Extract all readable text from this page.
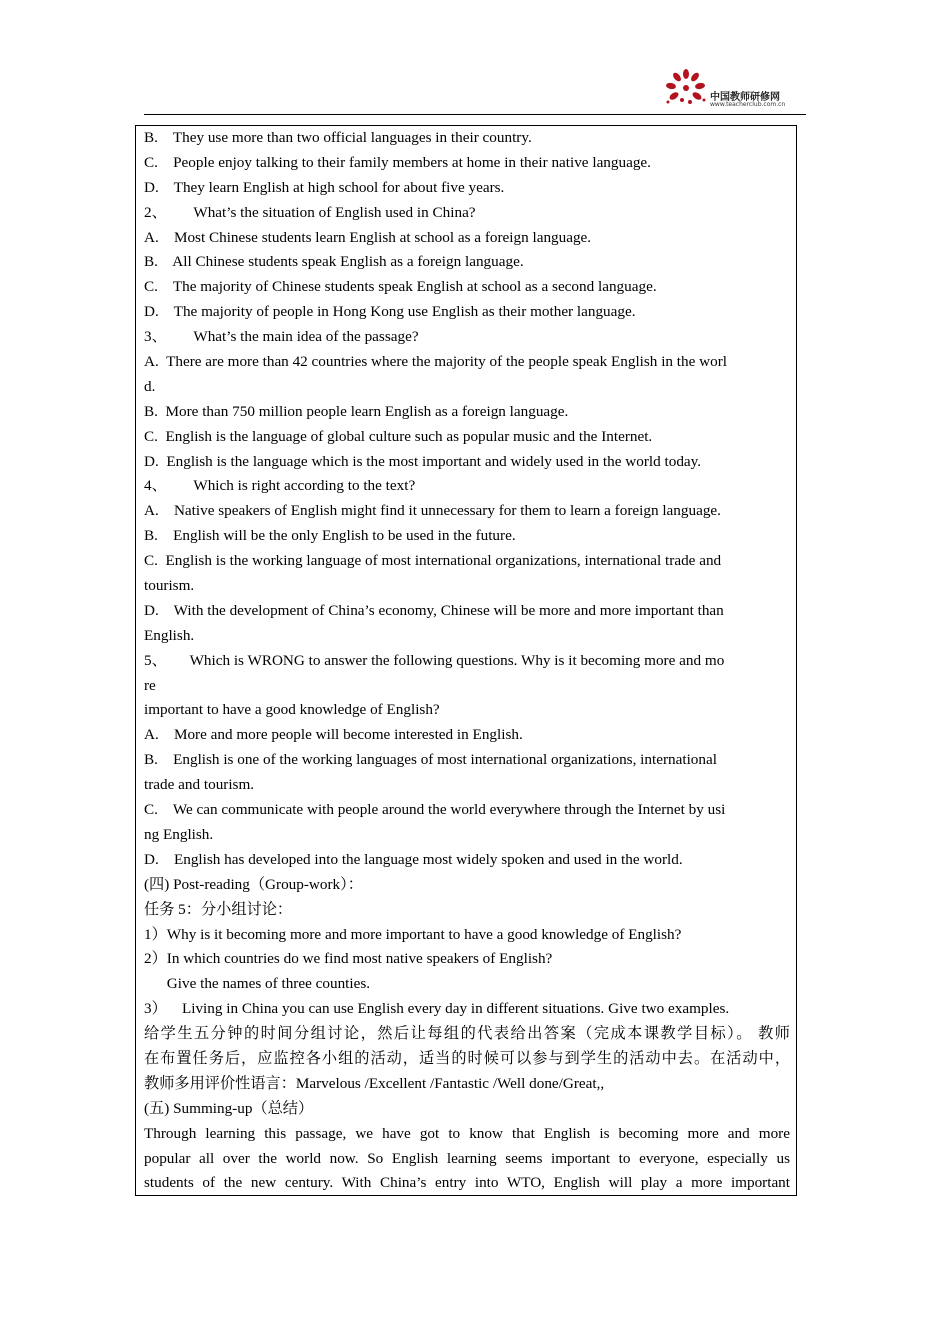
中国教师研修网
www.teacherclub.com.cn
B.    They use more than two official languages in their country.
C.    People enjoy talking to their family members at home in their native language.
D.    They learn English at high school for about five years.
2、       What’s the situation of English used in China?
A.    Most Chinese students learn English at school as a foreign language.
B.    All Chinese students speak English as a foreign language.
C.    The majority of Chinese students speak English at school as a second language.
D.    The majority of people in Hong Kong use English as their mother language.
3、       What’s the main idea of the passage?
A.  There are more than 42 countries where the majority of the people speak English in the worl
d.
B.  More than 750 million people learn English as a foreign language.
C.  English is the language of global culture such as popular music and the Internet.
D.  English is the language which is the most important and widely used in the world today.
4、       Which is right according to the text?
A.    Native speakers of English might find it unnecessary for them to learn a foreign language.
B.    English will be the only English to be used in the future.
C.  English is the working language of most international organizations, international trade and
tourism.
D.    With the development of China’s economy, Chinese will be more and more important than
English.
5、      Which is WRONG to answer the following questions. Why is it becoming more and mo
re
important to have a good knowledge of English?
A.    More and more people will become interested in English.
B.    English is one of the working languages of most international organizations, international
trade and tourism.
C.    We can communicate with people around the world everywhere through the Internet by usi
ng English.
D.    English has developed into the language most widely spoken and used in the world.
(四) Post-reading（Group-work）：
任务 5：分小组讨论：
1）Why is it becoming more and more important to have a good knowledge of English?
2）In which countries do we find most native speakers of English?
Give the names of three counties.
3）    Living in China you can use English every day in different situations. Give two examples.
给学生五分钟的时间分组讨论，然后让每组的代表给出答案（完成本课教学目标）。 教师
在布置任务后，应监控各小组的活动，适当的时候可以参与到学生的活动中去。在活动中，
教师多用评价性语言：Marvelous /Excellent /Fantastic /Well done/Great,,
(五) Summing-up（总结）
Through learning this passage, we have got to know that English is becoming more and more
popular all over the world now. So English learning seems important to everyone, especially us
students of the new century. With China’s entry into WTO, English will play a more important
